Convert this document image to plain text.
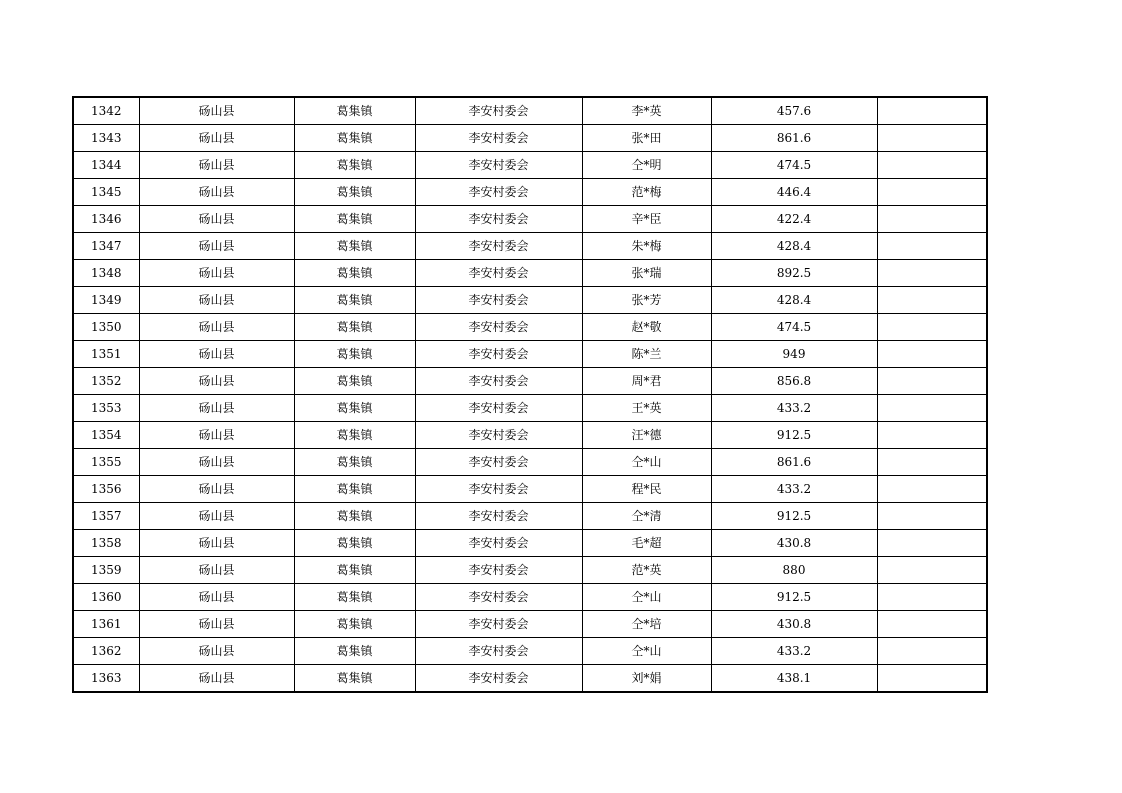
1342	砀山县	葛集镇	李安村委会	李*英	457.6	
1343	砀山县	葛集镇	李安村委会	张*田	861.6	
1344	砀山县	葛集镇	李安村委会	仝*明	474.5	
1345	砀山县	葛集镇	李安村委会	范*梅	446.4	
1346	砀山县	葛集镇	李安村委会	辛*臣	422.4	
1347	砀山县	葛集镇	李安村委会	朱*梅	428.4	
1348	砀山县	葛集镇	李安村委会	张*瑞	892.5	
1349	砀山县	葛集镇	李安村委会	张*芳	428.4	
1350	砀山县	葛集镇	李安村委会	赵*敬	474.5	
1351	砀山县	葛集镇	李安村委会	陈*兰	949	
1352	砀山县	葛集镇	李安村委会	周*君	856.8	
1353	砀山县	葛集镇	李安村委会	王*英	433.2	
1354	砀山县	葛集镇	李安村委会	汪*德	912.5	
1355	砀山县	葛集镇	李安村委会	仝*山	861.6	
1356	砀山县	葛集镇	李安村委会	程*民	433.2	
1357	砀山县	葛集镇	李安村委会	仝*清	912.5	
1358	砀山县	葛集镇	李安村委会	毛*超	430.8	
1359	砀山县	葛集镇	李安村委会	范*英	880	
1360	砀山县	葛集镇	李安村委会	仝*山	912.5	
1361	砀山县	葛集镇	李安村委会	仝*培	430.8	
1362	砀山县	葛集镇	李安村委会	仝*山	433.2	
1363	砀山县	葛集镇	李安村委会	刘*娟	438.1	
